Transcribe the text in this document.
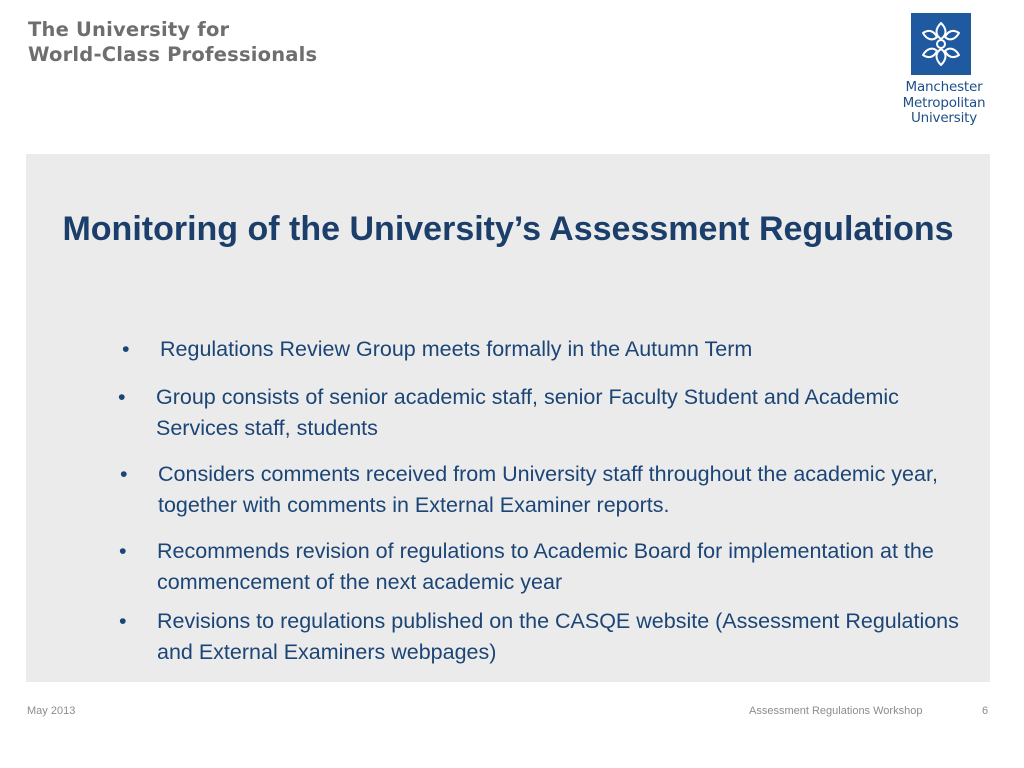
The University for
World-Class Professionals
Manchester
Metropolitan
University
Monitoring of the University’s Assessment Regulations
• Regulations Review Group meets formally in the Autumn Term
• Group consists of senior academic staff, senior Faculty Student and Academic Services staff, students
• Considers comments received from University staff throughout the academic year, together with comments in External Examiner reports.
• Recommends revision of regulations to Academic Board for implementation at the commencement of the next academic year
• Revisions to regulations published on the CASQE website (Assessment Regulations and External Examiners webpages)
May 2013	Assessment Regulations Workshop	6
